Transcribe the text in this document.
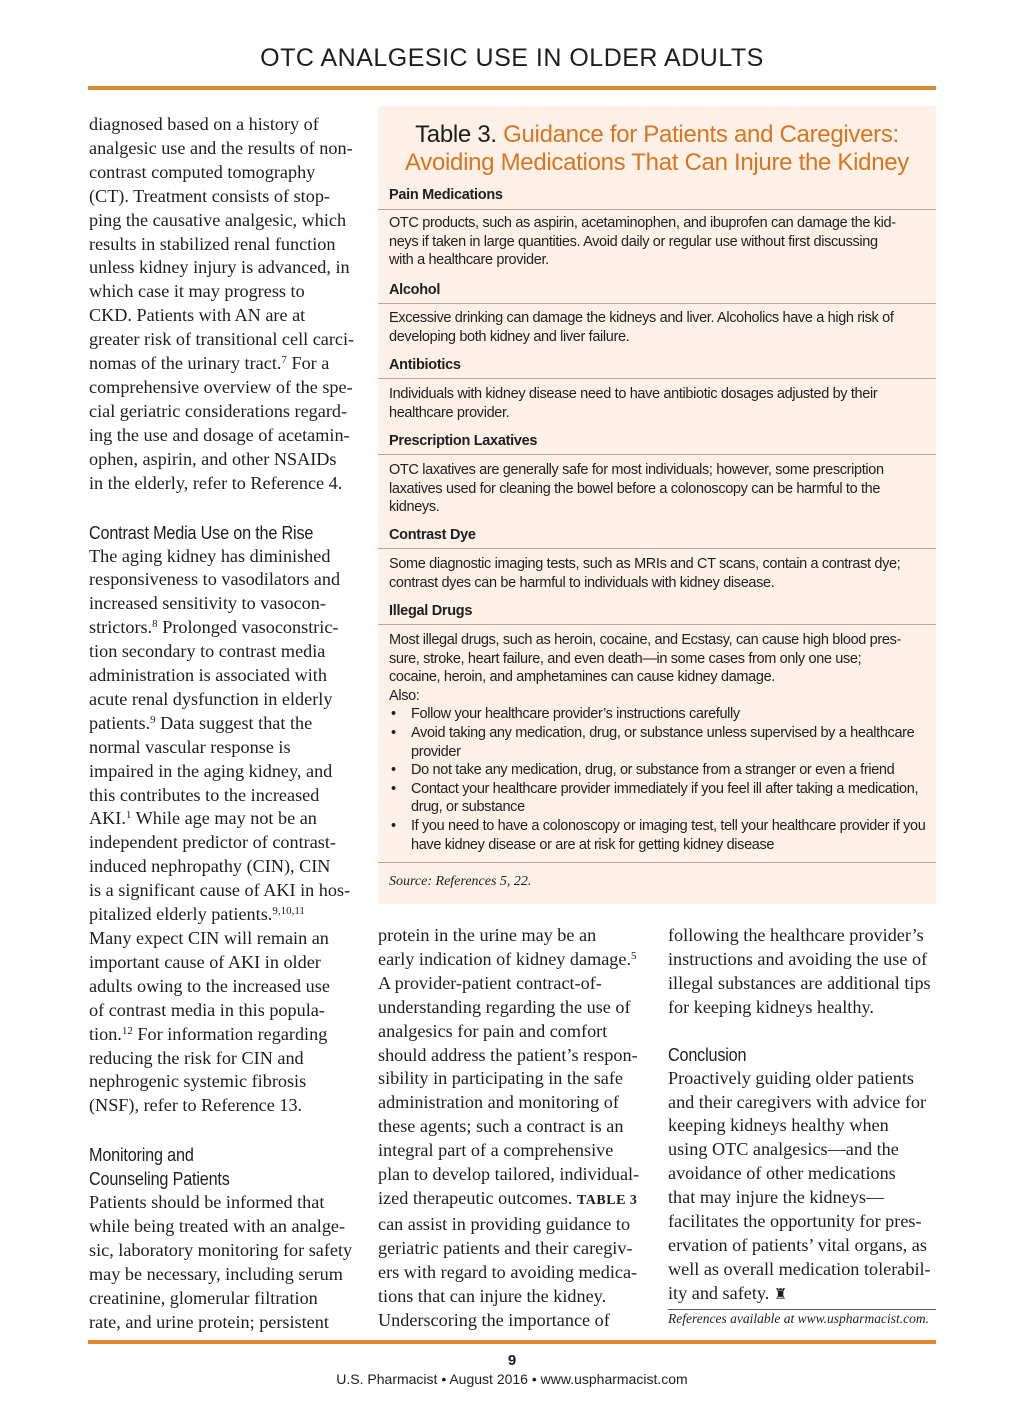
OTC ANALGESIC USE IN OLDER ADULTS

diagnosed based on a history of
analgesic use and the results of non-
contrast computed tomography
(CT). Treatment consists of stop-
ping the causative analgesic, which
results in stabilized renal function
unless kidney injury is advanced, in
which case it may progress to
CKD. Patients with AN are at
greater risk of transitional cell carci-
nomas of the urinary tract.$^7$ For a
comprehensive overview of the spe-
cial geriatric considerations regard-
ing the use and dosage of acetamin-
ophen, aspirin, and other NSAIDs
in the elderly, refer to Reference 4.

Contrast Media Use on the Rise

The aging kidney has diminished
responsiveness to vasodilators and
increased sensitivity to vasocon-
strictors.$^8$ Prolonged vasoconstric-
tion secondary to contrast media
administration is associated with
acute renal dysfunction in elderly
patients.$^9$ Data suggest that the
normal vascular response is
impaired in the aging kidney, and
this contributes to the increased
AKI.$^1$ While age may not be an
independent predictor of contrast-
induced nephropathy (CIN), CIN
is a significant cause of AKI in hos-
pitalized elderly patients.$^{9,10,11}$
Many expect CIN will remain an
important cause of AKI in older
adults owing to the increased use
of contrast media in this popula-
tion.$^{12}$ For information regarding
reducing the risk for CIN and
nephrogenic systemic fibrosis
(NSF), refer to Reference 13.

Monitoring and
Counseling Patients

Patients should be informed that
while being treated with an analge-
sic, laboratory monitoring for safety
may be necessary, including serum
creatinine, glomerular filtration
rate, and urine protein; persistent

Table 3. Guidance for Patients and Caregivers:
Avoiding Medications That Can Injure the Kidney
Pain Medications
OTC products, such as aspirin, acetaminophen, and ibuprofen can damage the kid-
neys if taken in large quantities. Avoid daily or regular use without first discussing
with a healthcare provider.
Alcohol
Excessive drinking can damage the kidneys and liver. Alcoholics have a high risk of
developing both kidney and liver failure.
Antibiotics
Individuals with kidney disease need to have antibiotic dosages adjusted by their
healthcare provider.
Prescription Laxatives
OTC laxatives are generally safe for most individuals; however, some prescription
laxatives used for cleaning the bowel before a colonoscopy can be harmful to the
kidneys.
Contrast Dye
Some diagnostic imaging tests, such as MRIs and CT scans, contain a contrast dye;
contrast dyes can be harmful to individuals with kidney disease.
Illegal Drugs
Most illegal drugs, such as heroin, cocaine, and Ecstasy, can cause high blood pres-
sure, stroke, heart failure, and even death—in some cases from only one use;
cocaine, heroin, and amphetamines can cause kidney damage.
Also:
• Follow your healthcare provider’s instructions carefully
• Avoid taking any medication, drug, or substance unless supervised by a healthcare
provider
• Do not take any medication, drug, or substance from a stranger or even a friend
• Contact your healthcare provider immediately if you feel ill after taking a medication,
drug, or substance
• If you need to have a colonoscopy or imaging test, tell your healthcare provider if you
have kidney disease or are at risk for getting kidney disease
Source: References 5, 22.

protein in the urine may be an
early indication of kidney damage.$^5$
A provider-patient contract-of-
understanding regarding the use of
analgesics for pain and comfort
should address the patient’s respon-
sibility in participating in the safe
administration and monitoring of
these agents; such a contract is an
integral part of a comprehensive
plan to develop tailored, individual-
ized therapeutic outcomes. TABLE 3
can assist in providing guidance to
geriatric patients and their caregiv-
ers with regard to avoiding medica-
tions that can injure the kidney.
Underscoring the importance of

following the healthcare provider’s
instructions and avoiding the use of
illegal substances are additional tips
for keeping kidneys healthy.

Conclusion

Proactively guiding older patients
and their caregivers with advice for
keeping kidneys healthy when
using OTC analgesics—and the
avoidance of other medications
that may injure the kidneys—
facilitates the opportunity for pres-
ervation of patients’ vital organs, as
well as overall medication tolerabil-
ity and safety. ♜

References available at www.uspharmacist.com.
9
U.S. Pharmacist • August 2016 • www.uspharmacist.com
